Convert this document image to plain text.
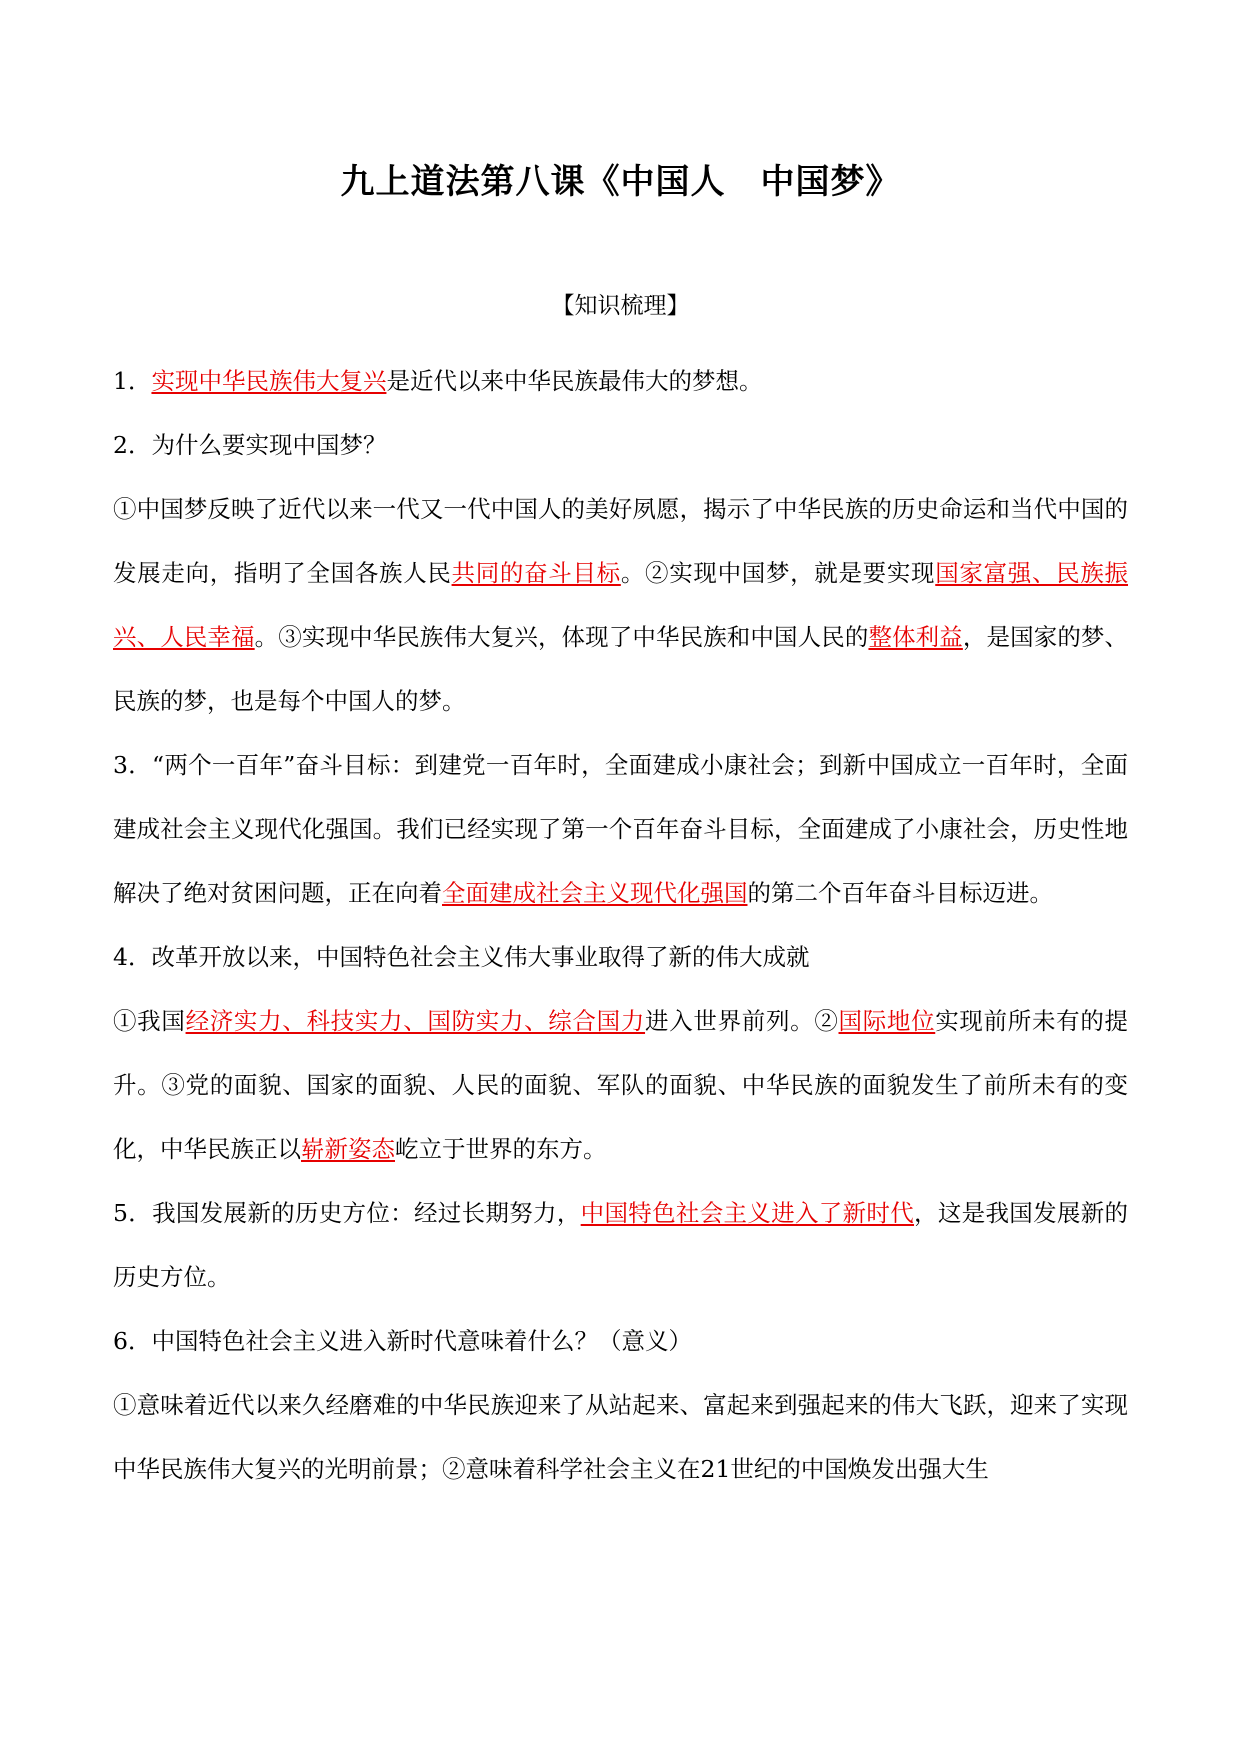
九上道法第八课《中国人　中国梦》
【知识梳理】

1．实现中华民族伟大复兴是近代以来中华民族最伟大的梦想。

2．为什么要实现中国梦？

①中国梦反映了近代以来一代又一代中国人的美好夙愿，揭示了中华民族的历史命运和当代中国的发展走向，指明了全国各族人民共同的奋斗目标。②实现中国梦，就是要实现国家富强、民族振兴、人民幸福。③实现中华民族伟大复兴，体现了中华民族和中国人民的整体利益，是国家的梦、民族的梦，也是每个中国人的梦。

3．“两个一百年”奋斗目标：到建党一百年时，全面建成小康社会；到新中国成立一百年时，全面建成社会主义现代化强国。我们已经实现了第一个百年奋斗目标，全面建成了小康社会，历史性地解决了绝对贫困问题，正在向着全面建成社会主义现代化强国的第二个百年奋斗目标迈进。

4．改革开放以来，中国特色社会主义伟大事业取得了新的伟大成就

①我国经济实力、科技实力、国防实力、综合国力进入世界前列。②国际地位实现前所未有的提升。③党的面貌、国家的面貌、人民的面貌、军队的面貌、中华民族的面貌发生了前所未有的变化，中华民族正以崭新姿态屹立于世界的东方。

5．我国发展新的历史方位：经过长期努力，中国特色社会主义进入了新时代，这是我国发展新的历史方位。

6．中国特色社会主义进入新时代意味着什么？（意义）

①意味着近代以来久经磨难的中华民族迎来了从站起来、富起来到强起来的伟大飞跃，迎来了实现中华民族伟大复兴的光明前景；②意味着科学社会主义在21世纪的中国焕发出强大生
